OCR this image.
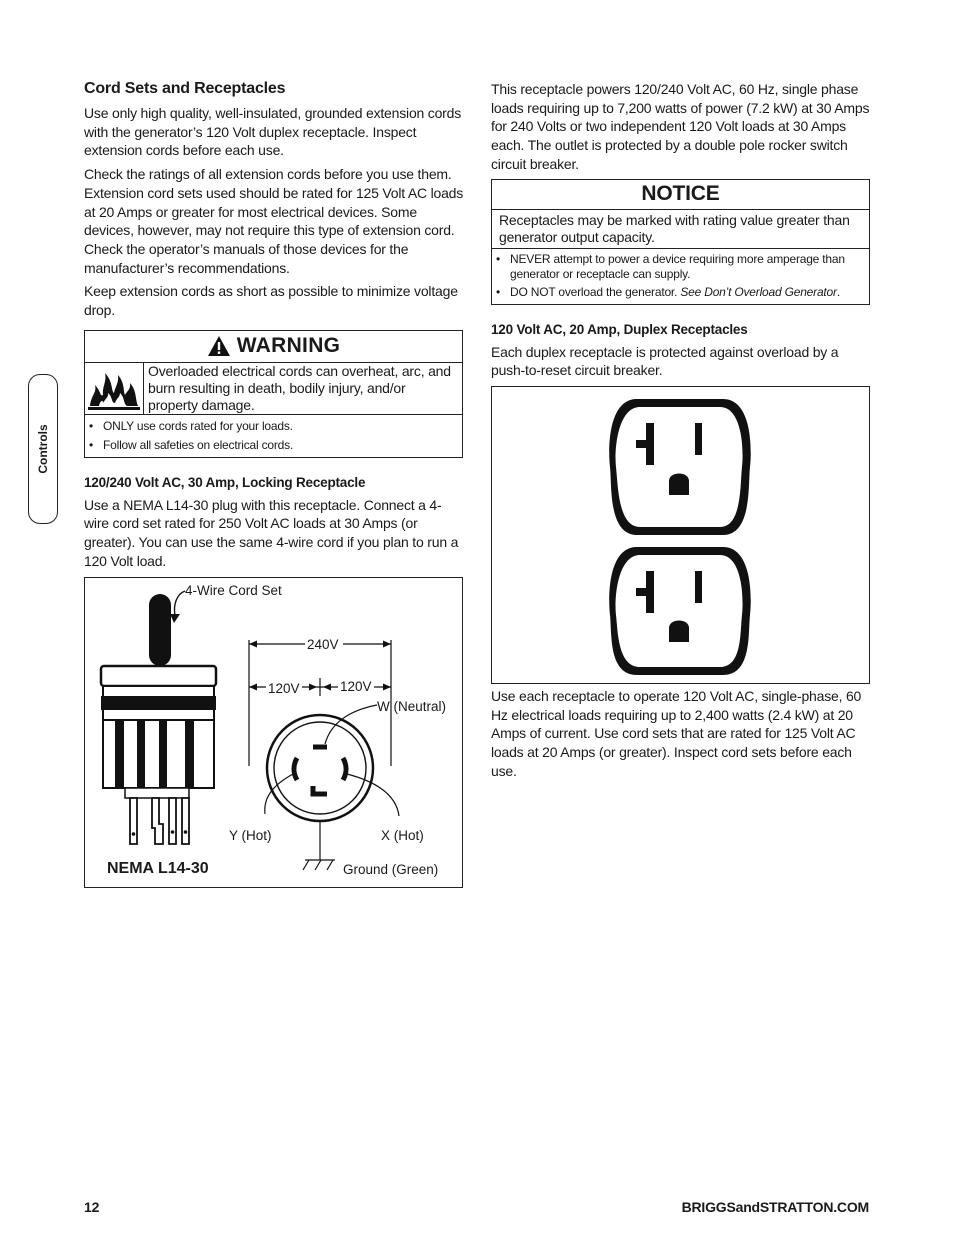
Controls
Cord Sets and Receptacles

Use only high quality, well-insulated, grounded extension cords with the generator’s 120 Volt duplex receptacle. Inspect extension cords before each use.

Check the ratings of all extension cords before you use them. Extension cord sets used should be rated for 125 Volt AC loads at 20 Amps or greater for most electrical devices. Some devices, however, may not require this type of extension cord. Check the operator’s manuals of those devices for the manufacturer’s recommendations.

Keep extension cords as short as possible to minimize voltage drop.

WARNING
Overloaded electrical cords can overheat, arc, and burn resulting in death, bodily injury, and/or property damage.
• ONLY use cords rated for your loads.
• Follow all safeties on electrical cords.
120/240 Volt AC, 30 Amp, Locking Receptacle

Use a NEMA L14-30 plug with this receptacle. Connect a 4-wire cord set rated for 250 Volt AC loads at 30 Amps (or greater). You can use the same 4-wire cord if you plan to run a 120 Volt load.

4-Wire Cord Set
240V
120V	120V
W (Neutral)
Y (Hot)	X (Hot)
Ground (Green)
NEMA L14-30

This receptacle powers 120/240 Volt AC, 60 Hz, single phase loads requiring up to 7,200 watts of power (7.2 kW) at 30 Amps for 240 Volts or two independent 120 Volt loads at 30 Amps each. The outlet is protected by a double pole rocker switch circuit breaker.

NOTICE
Receptacles may be marked with rating value greater than generator output capacity.
• NEVER attempt to power a device requiring more amperage than generator or receptacle can supply.
• DO NOT overload the generator. See Don’t Overload Generator.
120 Volt AC, 20 Amp, Duplex Receptacles

Each duplex receptacle is protected against overload by a push-to-reset circuit breaker.

Use each receptacle to operate 120 Volt AC, single-phase, 60 Hz electrical loads requiring up to 2,400 watts (2.4 kW) at 20 Amps of current. Use cord sets that are rated for 125 Volt AC loads at 20 Amps (or greater). Inspect cord sets before each use.

12	BRIGGSandSTRATTON.COM
